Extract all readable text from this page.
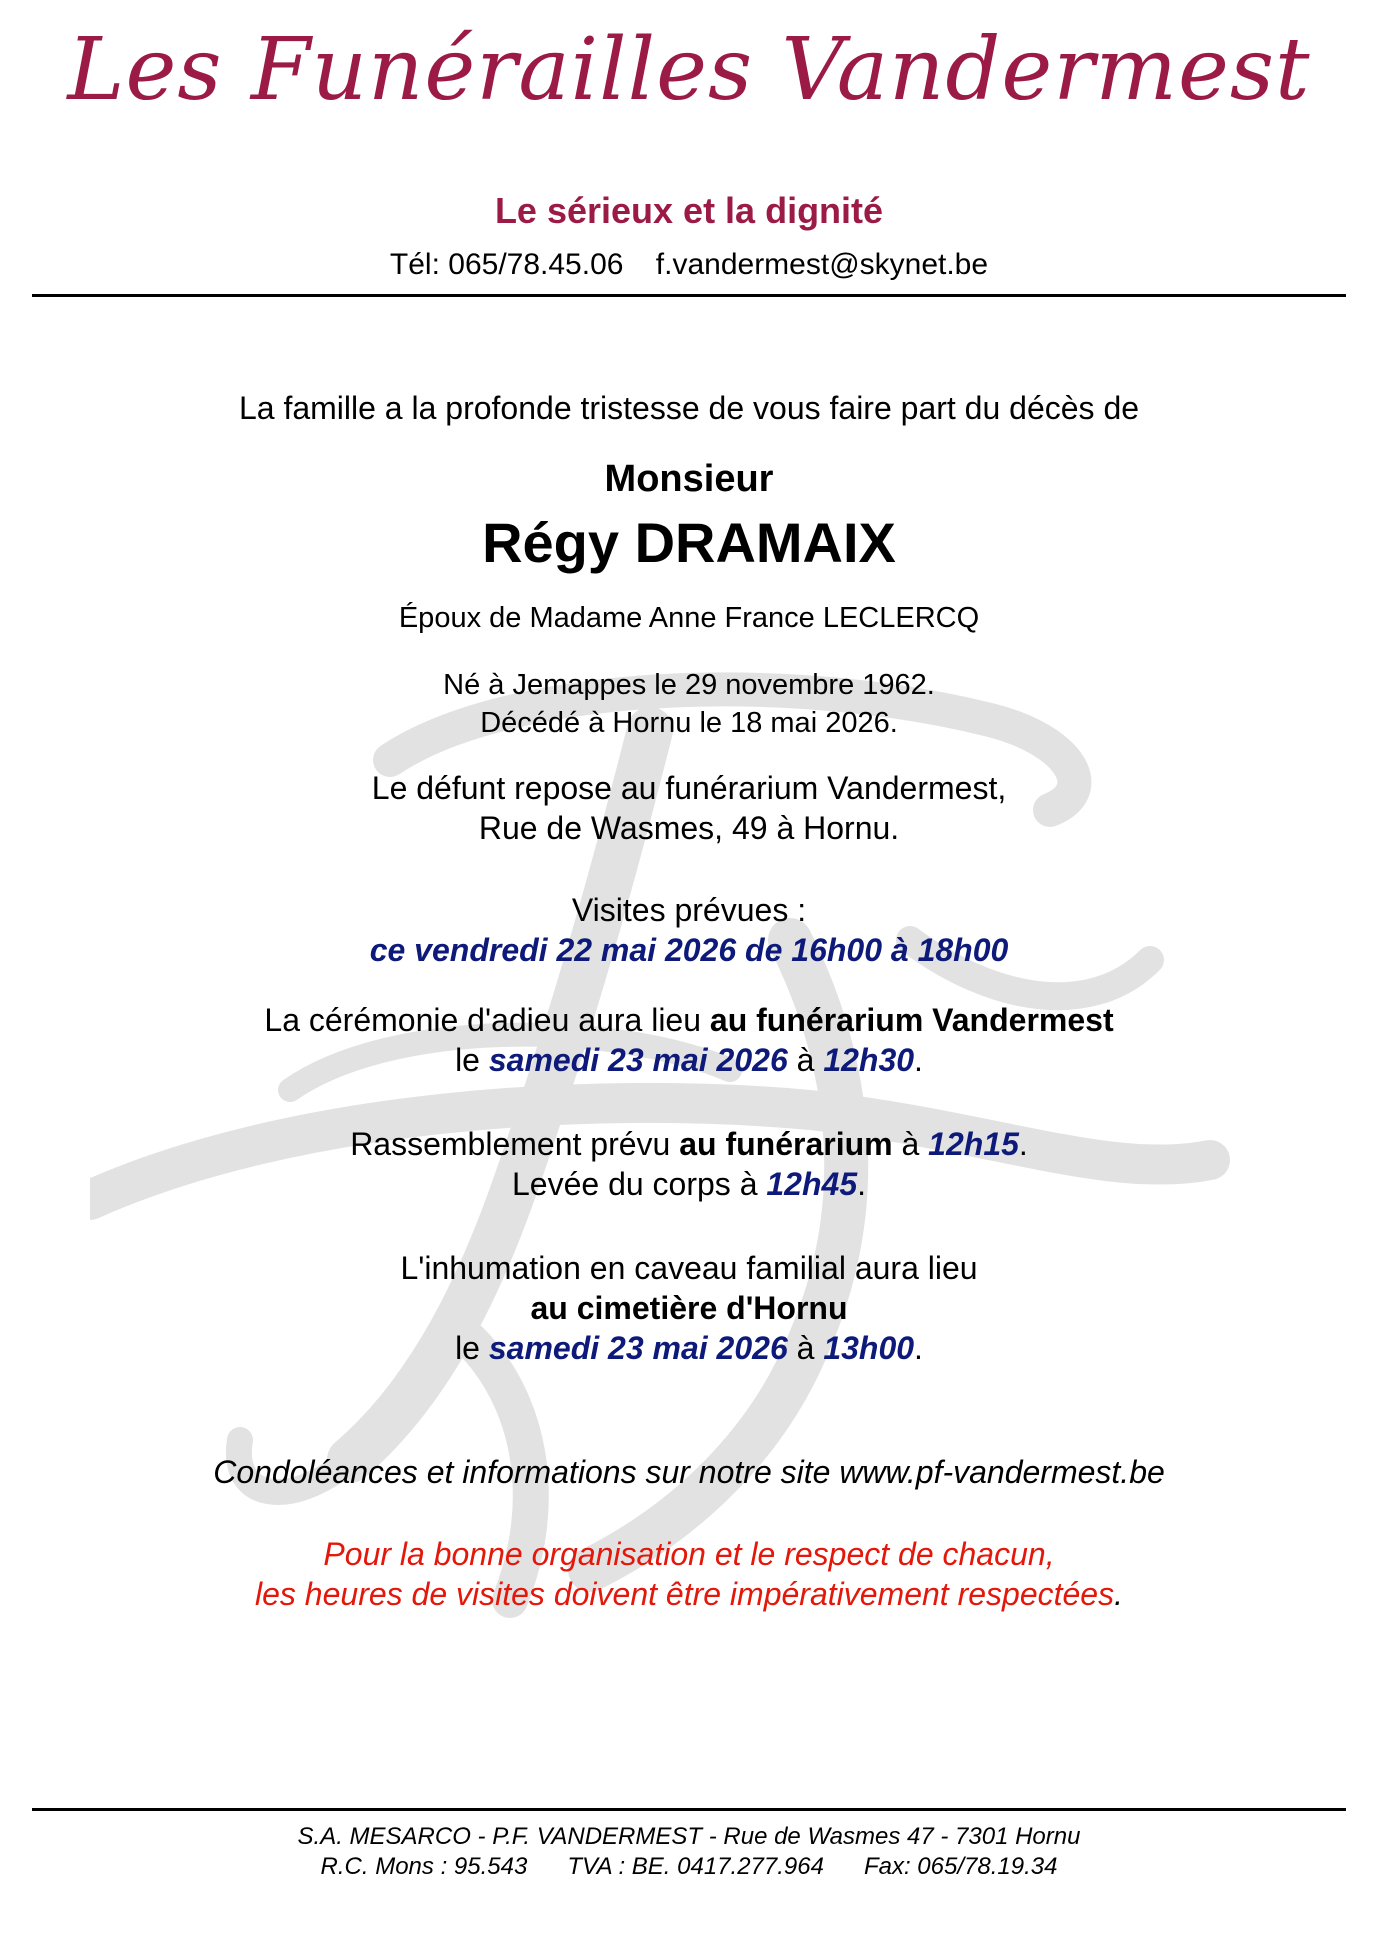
Les Funérailles Vandermest
Le sérieux et la dignité
Tél: 065/78.45.06 f.vandermest@skynet.be
La famille a la profonde tristesse de vous faire part du décès de
Monsieur
Régy DRAMAIX
Époux de Madame Anne France LECLERCQ
Né à Jemappes le 29 novembre 1962.
Décédé à Hornu le 18 mai 2026.
Le défunt repose au funérarium Vandermest,
Rue de Wasmes, 49 à Hornu.
Visites prévues :
ce vendredi 22 mai 2026 de 16h00 à 18h00
La cérémonie d'adieu aura lieu au funérarium Vandermest
le samedi 23 mai 2026 à 12h30.
Rassemblement prévu au funérarium à 12h15.
Levée du corps à 12h45.
L'inhumation en caveau familial aura lieu
au cimetière d'Hornu
le samedi 23 mai 2026 à 13h00.
Condoléances et informations sur notre site www.pf-vandermest.be
Pour la bonne organisation et le respect de chacun,
les heures de visites doivent être impérativement respectées.
S.A. MESARCO - P.F. VANDERMEST - Rue de Wasmes 47 - 7301 Hornu
R.C. Mons : 95.543 TVA : BE. 0417.277.964 Fax: 065/78.19.34
